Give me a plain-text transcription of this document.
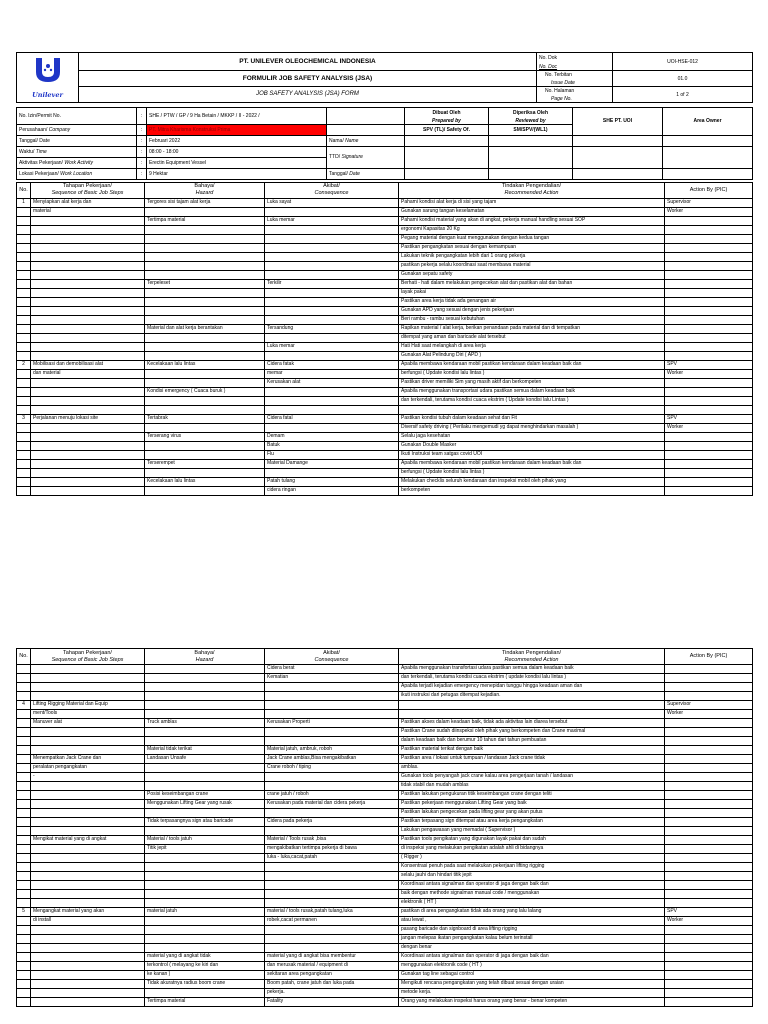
Unilever	PT. UNILEVER OLEOCHEMICAL INDONESIA	No. Dok	UOI-HSE-012
		No. Doc	
	FORMULIR JOB SAFETY ANALYSIS (JSA)	No. Terbitan	01.0
		Issue Date	
	JOB SAFETY ANALYSIS (JSA) FORM	No. Halaman	1 of 2
		Page No.	
No. Izin/Permit No.	:	SHE / PTW / GP / 9 Ha Betain / MKKP / II - 2022 /		Dibuat Oleh	Diperiksa Oleh	SHE PT. UOI	Area Owner
				Prepared by	Reviewed by		
Perusahaan/ Company	:	PT. Mitra Kharisma Konstruksi Prima		SPV (TL)/ Safety Of.	SM/SPV/(WL1)		

Tanggal/ Date	:	Februari 2022	Nama/ Name				
Waktu/ Time	:	08:00 - 18:00	TTD/ Signature				
Aktivitas Pekerjaan/ Work Activity	:	Erectin Equipment Vessel					
Lokasi Pekerjaan/ Work Location	:	9 Hektar	Tanggal/ Date				
No.	Tahapan Pekerjaan/
Sequence of Basic Job Steps	Bahaya/
Hazard	Akibat/
Consequence	Tindakan Pengendalian/
Recommended Action	Action By (PIC)
1	Menyiapkan alat kerja dan	Tergores sisi tajam alat kerja	Luka sayat	Pahami kondisi alat kerja di sisi yang tajam	Supervisor
	material			Gunakan sarung tangan keselamatan	Worker
		Tertimpa material	Luka memar	Pahami kondisi material yang akan di angkat, pekerja manual handling sesuai SOP	
				ergonomi Kapasitas 20 Kg	
				Pegang material dengan kuat menggunakan dengan kedua tangan	
				Pastikan pengangkatan sesuai dengan kemampuan	
				Lakukan teknik pengangkatan lebih dari 1 orang pekerja	
				pastikan pekerja selalu koordinasi saat membawa material	
				Gunakan sepatu safety	
		Terpeleset	Terkilir	Berhati - hati dalam melakukan pengecekan alat dan pastikan alat dan bahan	
				layak pakai	
				Pastikan area kerja tidak ada genangan air	
				Gunakan APD yang sesuai dengan jenis pekerjaan	
				Beri rambu - rambu sesuai kebutuhan	
		Material dan alat kerja berantakan	Tersandung	Rapikan material / alat kerja, berikan penandaan pada material dan di tempatkan	
				ditempat yang aman dan baricade alat tersebut	
			Luka memar	Hati Hati saat melangkah di area kerja	
				Gunakan Alat Pelindung Diri ( APD )	
2	Mobilisasi dan demobilisasi alat	Kecelakaan lalu lintas	Cidera fatak	Apabila membawa kendaraan mobil pastikan kendaraan dalam keadaan baik dan	SPV
	dan material		memar	berfungsi ( Update kondisi lalu lintas )	Worker
			Kerusakan alat	Pastikan driver memiliki Sim yang masih aktif dan berkompeten	
		Kondisi emergency ( Cuaca buruk )		Apabila menggunakan transportasi udara pastikan semua dalam keadaan baik	
				dan terkendali, terutama kondisi cuaca ekstrim ( Update kondisi lalu Lintas )	

3	Perjalanan menuju lokasi site	Tertabrak	Cidera fatal	Pastikan kondisi tubuh dalam keadaan sehat dan Fit	SPV
				Diversif safety driving ( Perilaku mengemudi yg dapat menghindarkan masalah )	Worker
		Terserang virus	Demam	Selalu jaga kesehatan	
			Batuk	Gunakan Double Masker	
			Flu	Ikuti Instruksi team satgas covid UOI	
		Terserempet	Material Damange	Apabila membawa kendaraan mobil pastikan kendaraan dalam keadaan baik dan	
				berfungsi ( Update kondisi lalu lintas )	
		Kecelakaan lalu lintas	Patah tulang	Melakukan checklis seluruh kendaraan dan inspeksi mobil oleh pihak yang	
			cidera ringan	berkompeten	
No.	Tahapan Pekerjaan/
Sequence of Basic Job Steps	Bahaya/
Hazard	Akibat/
Consequence	Tindakan Pengendalian/
Recommended Action	Action By (PIC)
			Cidera berat	Apabila menggunakan transfortasi udara pastikan semua dalam keadaan baik	
			Kematian	dan terkendali, terutama kondisi cuaca ekstrim ( update kondisi lalu lintas )	
				Apabila terjadi kejadian emergency menepidan tunggu hingga keadaan aman dan	
				ikuti instruksi dari petugas ditempat kejadian.	
4	Lifting Rigging Material dan Equip				Supervisor
	ment/Tools				Worker
	Manuver alat	Truck amblas	Kerusakan Properti	Pastikan akses dalam keadaan baik, tidak ada aktivitas lain diarea tersebut	
				Pastikan Crane sudah diinspeksi oleh pihak yang berkompeten dan Crane maximal	
				dalam keadaan baik dan berumur 10 tahun dari tahun pembuatan	
		Material tidak terikat	Material jatuh, ambruk, roboh	Pastikan material terikat dengan baik	
	Menempatkan Jack Crane dan	Landasan Unsafe	Jack Crane amblas,Bisa mengakibatkan	Pastikan area / lokasi untuk tumpuan / landasan Jack crane tidak	
	peralatan pengangkatan		Crane roboh / tiping	amblas.	
	-			Gunakan tools penyangah jack crane kalau area pengerjaan tanah / landasan	
				tidak stabil dan mudah amblas	
		Posisi keseimbangan crane	crane jatuh / roboh	Pastikan lakukan pengukuran titik keseimbangan crane dengan teliti	
		Menggunakan Lifting Gear yang rusak	Kerusakan pada material dan cidera pekerja	Pastikan pekerjaan menggunakan Lifting Gear yang baik	
				Pastikan lakukan pengecekan pada lifting gear yang akan putus	
		Tidak terpasangnya sign atau baricade	Cidera pada pekerja	Pastikan terpasang sign ditempat atau area kerja pengangkatan	
				Lakukan pengawasan yang memadai ( Supervisor )	
	Mengikat material yang di angkat	Material / tools jatuh	Material / Tools rusak ,bisa	Pastikan tools pengikatan yang digunakan layak pakai dan sudah	
		Titik jepit	mengakibatkan tertimpa pekerja di bawa	di inspeksi yang melakukan pengikatan adalah ahli di bidangnya	
			luka - luka,cacat,patah	( Rigger )	
				Konsentrasi penuh pada saat melakukan pekerjaan lifting rigging	
				selalu jauhi dan hindari titik jepit	
				Koordinasi antara signalman dan operator di jaga dengan baik dan	
				baik dengan methode signalman manual code / menggunakan	
				elektronik ( HT )	
5	Mengangkat material yang akan	material jatuh	material / tools rusak,patah tulang,luka	pastikan di area pengangkatan tidak ada orang yang lalu lalang	SPV
	di install		robek,cacat permanen	atau lewat ,	Worker
				pasang baricade dan signboard di area lifting rigging	
				jangan melepas ikatan pengangkatan kalau belum terinstall	
				dengan benar	
		material yang di angkat tidak	material yang di angkat bisa membentur	Koordinasi antara signalman dan operator di jaga dengan baik dan	
		terkontrol ( melayang ke kiri dan	dan merusak material / equipment di	menggunakan elektronik code ( HT )	
		ke kanan )	sekitaran area pengangkatan	Gunakan tag line sebagai control	
		Tidak akuratnya radius boom crane	Boom patah, crane jatuh dan luka pada	Mengikuti rencana pengangkatan yang telah dibuat sesuai dengan uraian	
			pekerja.	metode kerja.	
		Tertimpa material	Fatality	Orang yang melakukan inspeksi harus orang yang benar - benar kompeten	
